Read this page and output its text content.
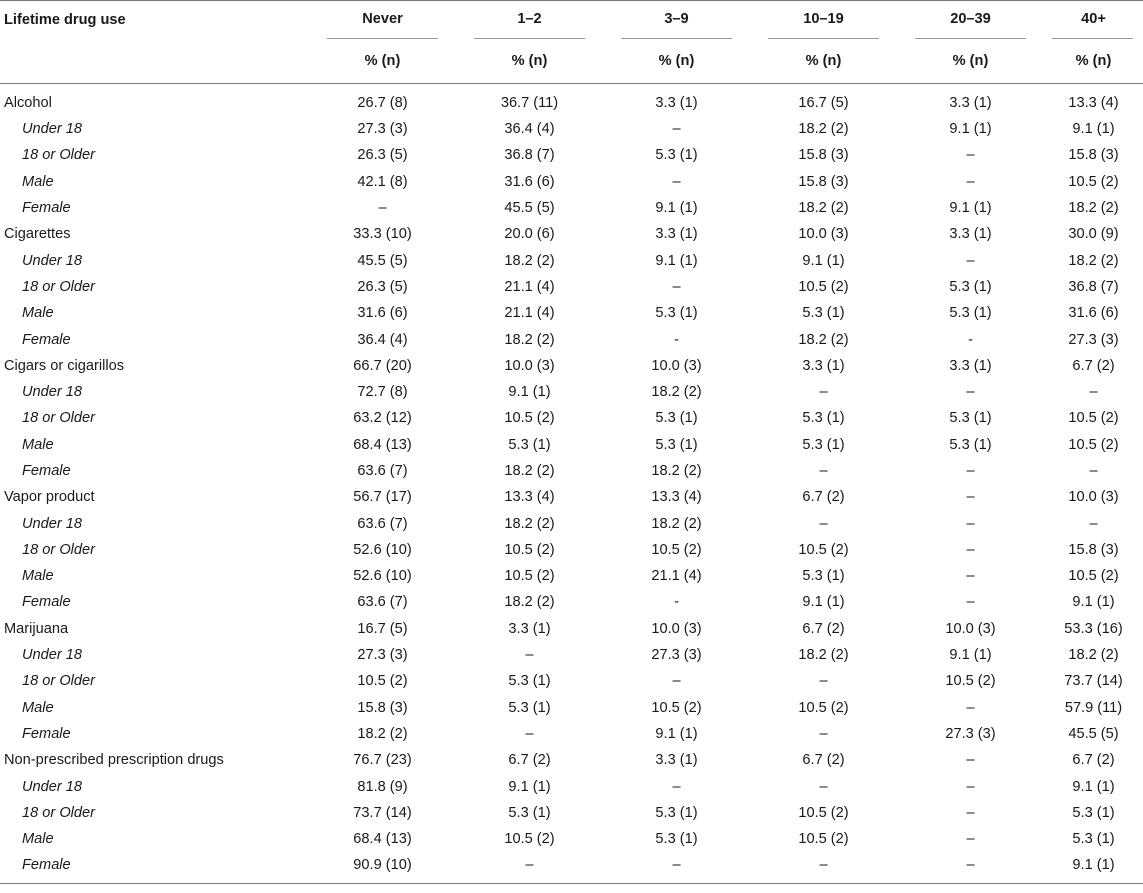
Lifetime drug use	Never	1–2	3–9	10–19	20–39	40+

	% (n)	% (n)	% (n)	% (n)	% (n)	% (n)
Alcohol	26.7 (8)	36.7 (11)	3.3 (1)	16.7 (5)	3.3 (1)	13.3 (4)
Under 18	27.3 (3)	36.4 (4)	–	18.2 (2)	9.1 (1)	9.1 (1)
18 or Older	26.3 (5)	36.8 (7)	5.3 (1)	15.8 (3)	–	15.8 (3)
Male	42.1 (8)	31.6 (6)	–	15.8 (3)	–	10.5 (2)
Female	–	45.5 (5)	9.1 (1)	18.2 (2)	9.1 (1)	18.2 (2)
Cigarettes	33.3 (10)	20.0 (6)	3.3 (1)	10.0 (3)	3.3 (1)	30.0 (9)
Under 18	45.5 (5)	18.2 (2)	9.1 (1)	9.1 (1)	–	18.2 (2)
18 or Older	26.3 (5)	21.1 (4)	–	10.5 (2)	5.3 (1)	36.8 (7)
Male	31.6 (6)	21.1 (4)	5.3 (1)	5.3 (1)	5.3 (1)	31.6 (6)
Female	36.4 (4)	18.2 (2)	-	18.2 (2)	-	27.3 (3)
Cigars or cigarillos	66.7 (20)	10.0 (3)	10.0 (3)	3.3 (1)	3.3 (1)	6.7 (2)
Under 18	72.7 (8)	9.1 (1)	18.2 (2)	–	–	–
18 or Older	63.2 (12)	10.5 (2)	5.3 (1)	5.3 (1)	5.3 (1)	10.5 (2)
Male	68.4 (13)	5.3 (1)	5.3 (1)	5.3 (1)	5.3 (1)	10.5 (2)
Female	63.6 (7)	18.2 (2)	18.2 (2)	–	–	–
Vapor product	56.7 (17)	13.3 (4)	13.3 (4)	6.7 (2)	–	10.0 (3)
Under 18	63.6 (7)	18.2 (2)	18.2 (2)	–	–	–
18 or Older	52.6 (10)	10.5 (2)	10.5 (2)	10.5 (2)	–	15.8 (3)
Male	52.6 (10)	10.5 (2)	21.1 (4)	5.3 (1)	–	10.5 (2)
Female	63.6 (7)	18.2 (2)	-	9.1 (1)	–	9.1 (1)
Marijuana	16.7 (5)	3.3 (1)	10.0 (3)	6.7 (2)	10.0 (3)	53.3 (16)
Under 18	27.3 (3)	–	27.3 (3)	18.2 (2)	9.1 (1)	18.2 (2)
18 or Older	10.5 (2)	5.3 (1)	–	–	10.5 (2)	73.7 (14)
Male	15.8 (3)	5.3 (1)	10.5 (2)	10.5 (2)	–	57.9 (11)
Female	18.2 (2)	–	9.1 (1)	–	27.3 (3)	45.5 (5)
Non-prescribed prescription drugs	76.7 (23)	6.7 (2)	3.3 (1)	6.7 (2)	–	6.7 (2)
Under 18	81.8 (9)	9.1 (1)	–	–	–	9.1 (1)
18 or Older	73.7 (14)	5.3 (1)	5.3 (1)	10.5 (2)	–	5.3 (1)
Male	68.4 (13)	10.5 (2)	5.3 (1)	10.5 (2)	–	5.3 (1)
Female	90.9 (10)	–	–	–	–	9.1 (1)
